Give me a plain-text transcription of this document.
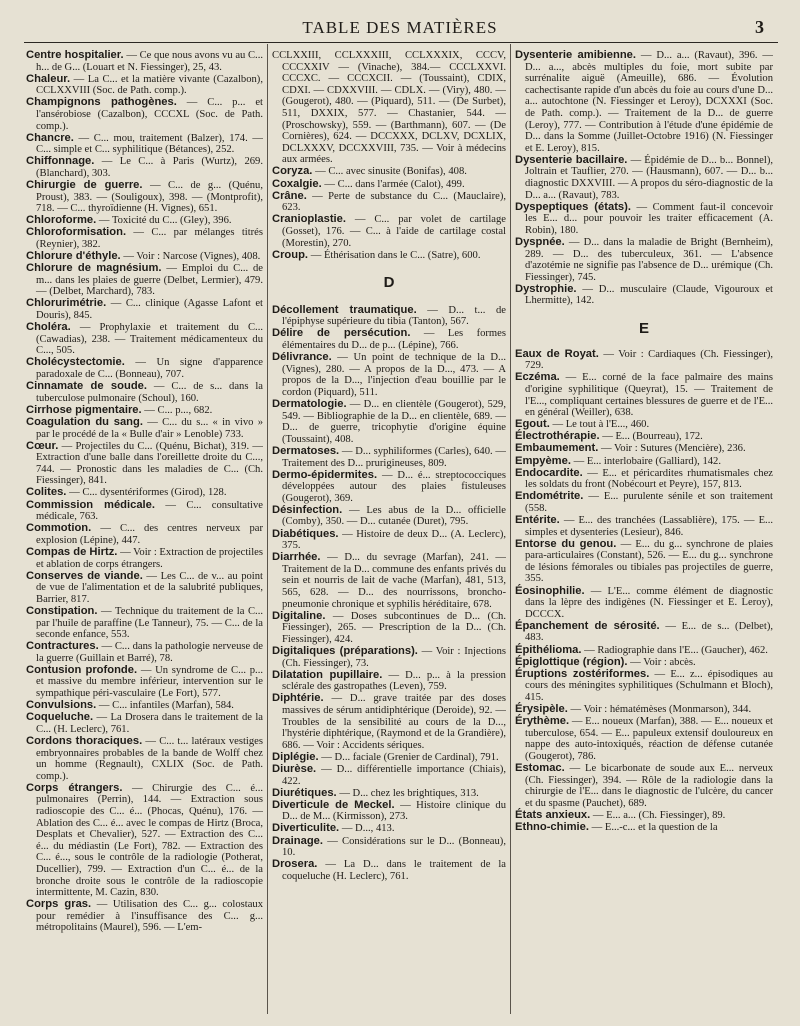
TABLE DES MATIÈRES	3
Centre hospitalier. — Ce que nous avons vu au C... h... de G... (Louart et N. Fiessinger), 25, 43.
Chaleur. — La C... et la matière vivante (Cazalbon), CCLXXVIII (Soc. de Path. comp.).
Champignons pathogènes. — C... p... et l'ansérobiose (Cazalbon), CCCXL (Soc. de Path. comp.).
Chancre. — C... mou, traitement (Balzer), 174. — C... simple et C... syphilitique (Bétances), 252.
Chiffonnage. — Le C... à Paris (Wurtz), 269. (Blanchard), 303.
Chirurgie de guerre. — C... de g... (Quénu, Proust), 383. — (Souligoux), 398. — (Montprofit), 718. — C... thyroïdienne (H. Vignes), 651.
Chloroforme. — Toxicité du C... (Gley), 396.
Chloroformisation. — C... par mélanges titrés (Reynier), 382.
Chlorure d'éthyle. — Voir : Narcose (Vignes), 408.
Chlorure de magnésium. — Emploi du C... de m... dans les plaies de guerre (Delbet, Lermier), 479. — (Delbet, Marchard), 783.
Chlorurimétrie. — C... clinique (Agasse Lafont et Douris), 845.
Choléra. — Prophylaxie et traitement du C... (Cawadias), 238. — Traitement médicamenteux du C..., 505.
Cholécystectomie. — Un signe d'apparence paradoxale de C... (Bonneau), 707.
Cinnamate de soude. — C... de s... dans la tuberculose pulmonaire (Schoul), 160.
Cirrhose pigmentaire. — C... p..., 682.
Coagulation du sang. — C... du s... « in vivo » par le procédé de la « Bulle d'air » Lenoble) 733.
Cœur. — Projectiles du C... (Quénu, Bichat), 319. — Extraction d'une balle dans l'oreillette droite du C..., 744. — Pronostic dans les maladies de C... (Ch. Fiessinger), 841.
Colites. — C... dysentériformes (Girod), 128.
Commission médicale. — C... consultative médicale, 763.
Commotion. — C... des centres nerveux par explosion (Lépine), 447.
Compas de Hirtz. — Voir : Extraction de projectiles et ablation de corps étrangers.
Conserves de viande. — Les C... de v... au point de vue de l'alimentation et de la salubrité publiques, Barrier, 817.
Constipation. — Technique du traitement de la C... par l'huile de paraffine (Le Tanneur), 75. — C... de la seconde enfance, 553.
Contractures. — C... dans la pathologie nerveuse de la guerre (Guillain et Barré), 78.
Contusion profonde. — Un syndrome de C... p... et massive du membre inférieur, intervention sur le sympathique péri-vasculaire (Le Fort), 577.
Convulsions. — C... infantiles (Marfan), 584.
Coqueluche. — La Drosera dans le traitement de la C... (H. Leclerc), 761.
Cordons thoraciques. — C... t... latéraux vestiges embryonnaires probables de la bande de Wolff chez un homme (Regnault), CXLIX (Soc. de Path. comp.).
Corps étrangers. — Chirurgie des C... é... pulmonaires (Perrin), 144. — Extraction sous radioscopie des C... é... (Phocas, Quénu), 176. — Ablation des C... é... avec le compas de Hirtz (Broca, Desplats et Chevalier), 527. — Extraction des C... é... du médiastin (Le Fort), 782. — Extraction des C... é..., sous le contrôle de la radiologie (Potherat, Ducellier), 799. — Extraction d'un C... é... de la bronche droite sous le contrôle de la radioscopie intermittente, M. Cazin, 830.
Corps gras. — Utilisation des C... g... colostaux pour remédier à l'insuffisance des C... g... métropolitains (Maurel), 596. — L'em-
CCLXXIII, CCLXXXIII, CCLXXXIX, CCCV, CCCXXIV — (Vinache), 384.— CCCLXXVI. CCCXC. — CCCXCII. — (Toussaint), CDIX, CDXI. — CDXXVIII. — CDLX. — (Viry), 480. — (Gougerot), 480. — (Piquard), 511. — (De Surbet), 511, DXXIX, 577. — Chastanier, 544. — (Proschowsky), 559. — (Barthmann), 607. — (De Cornières), 624. — DCCXXX, DCLXV, DCXLIX, DCLXXXV, DCCXXVIII, 735. — Voir à médecins aux armées.
Coryza. — C... avec sinusite (Bonifas), 408.
Coxalgie. — C... dans l'armée (Calot), 499.
Crâne. — Perte de substance du C... (Mauclaire), 623.
Cranioplastie. — C... par volet de cartilage (Gosset), 176. — C... à l'aide de cartilage costal (Morestin), 270.
Croup. — Éthérisation dans le C... (Satre), 600.
D
Décollement traumatique. — D... t... de l'épiphyse supérieure du tibia (Tanton), 567.
Délire de persécution. — Les formes élémentaires du D... de p... (Lépine), 766.
Délivrance. — Un point de technique de la D... (Vignes), 280. — A propos de la D..., 473. — A propos de la D..., l'injection d'eau bouillie par le cordon (Piquard), 511.
Dermatologie. — D... en clientèle (Gougerot), 529, 549. — Bibliographie de la D... en clientèle, 689. — D... de guerre, tricophytie d'origine équine (Toussaint), 408.
Dermatoses. — D... syphiliformes (Carles), 640. — Traitement des D... prurigineuses, 809.
Dermo-épidermites. — D... é... streptococciques développées autour des plaies fistuleuses (Gougerot), 369.
Désinfection. — Les abus de la D... officielle (Comby), 350. — D... cutanée (Duret), 795.
Diabétiques. — Histoire de deux D... (A. Leclerc), 375.
Diarrhée. — D... du sevrage (Marfan), 241. — Traitement de la D... commune des enfants privés du sein et nourris de lait de vache (Marfan), 481, 513, 565, 628. — D... des nourrissons, broncho-pneumonie chronique et syphilis héréditaire, 678.
Digitaline. — Doses subcontinues de D... (Ch. Fiessinger), 265. — Prescription de la D... (Ch. Fiessinger), 424.
Digitaliques (préparations). — Voir : Injections (Ch. Fiessinger), 73.
Dilatation pupillaire. — D... p... à la pression sclérale des gastropathes (Leven), 759.
Diphtérie. — D... grave traitée par des doses massives de sérum antidiphtérique (Deroide), 92. — Troubles de la sensibilité au cours de la D..., l'hystérie diphtérique, (Raymond et de la Grandière), 686. — Voir : Accidents sériques.
Diplégie. — D... faciale (Grenier de Cardinal), 791.
Diurèse. — D... différentielle importance (Chiais), 422.
Diurétiques. — D... chez les brightiques, 313.
Diverticule de Meckel. — Histoire clinique du D... de M... (Kirmisson), 273.
Diverticulite. — D..., 413.
Drainage. — Considérations sur le D... (Bonneau), 10.
Drosera. — La D... dans le traitement de la coqueluche (H. Leclerc), 761.
Dysenterie amibienne. — D... a... (Ravaut), 396. — D... a..., abcès multiples du foie, mort subite par surrénalite aiguë (Ameuille), 686. — Évolution cachectisante rapide d'un abcès du foie au cours d'une D... a... autochtone (N. Fiessinger et Leroy), DCXXXI (Soc. de Path. comp.). — Traitement de la D... de guerre (Leroy), 777. — Contribution à l'étude d'une épidémie de D... dans la Somme (Juillet-Octobre 1916) (N. Fiessinger et E. Leroy), 815.
Dysenterie bacillaire. — Épidémie de D... b... Bonnel), Joltrain et Tauflier, 270. — (Hausmann), 607. — D... b... diagnostic DXXVIII. — A propos du séro-diagnostic de la D... a... (Ravaut), 783.
Dyspeptiques (états). — Comment faut-il concevoir les E... d... pour pouvoir les traiter efficacement (A. Robin), 180.
Dyspnée. — D... dans la maladie de Bright (Bernheim), 289. — D... des tuberculeux, 361. — L'absence d'azotémie ne signifie pas l'absence de D... urémique (Ch. Fiessinger), 745.
Dystrophie. — D... musculaire (Claude, Vigouroux et Lhermitte), 142.
E
Eaux de Royat. — Voir : Cardiaques (Ch. Fiessinger), 729.
Eczéma. — E... corné de la face palmaire des mains d'origine syphilitique (Queyrat), 15. — Traitement de l'E..., compliquant certaines blessures de guerre et de l'E... en général (Weiller), 638.
Egout. — Le tout à l'E..., 460.
Électrothérapie. — E... (Bourreau), 172.
Embaumement. — Voir : Sutures (Mencière), 236.
Empyème. — E... interlobaire (Galliard), 142.
Endocardite. — E... et péricardites rhumatismales chez les soldats du front (Nobécourt et Peyre), 157, 813.
Endométrite. — E... purulente sénile et son traitement (558.
Entérite. — E... des tranchées (Lassablière), 175. — E... simples et dysenteries (Lesieur), 846.
Entorse du genou. — E... du g... synchrone de plaies para-articulaires (Constant), 526. — E... du g... synchrone de lésions fémorales ou tibiales pas projectiles de guerre, 355.
Éosinophilie. — L'E... comme élément de diagnostic dans la lèpre des indigènes (N. Fiessinger et E. Leroy), DCCCX.
Épanchement de sérosité. — E... de s... (Delbet), 483.
Épithélioma. — Radiographie dans l'E... (Gaucher), 462.
Épiglottique (région). — Voir : abcès.
Éruptions zostériformes. — E... z... épisodiques au cours des méningites syphilitiques (Schulmann et Bloch), 415.
Érysipèle. — Voir : hématémèses (Monmarson), 344.
Érythème. — E... noueux (Marfan), 388. — E... noueux et tuberculose, 654. — E... papuleux extensif douloureux en nappe des auto-intoxiqués, réaction de défense cutanée (Gougerot), 786.
Estomac. — Le bicarbonate de soude aux E... nerveux (Ch. Fiessinger), 394. — Rôle de la radiologie dans la chirurgie de l'E... dans le diagnostic de l'ulcère, du cancer et du spasme (Pauchet), 689.
États anxieux. — E... a... (Ch. Fiessinger), 89.
Ethno-chimie. — E...-c... et la question de la
